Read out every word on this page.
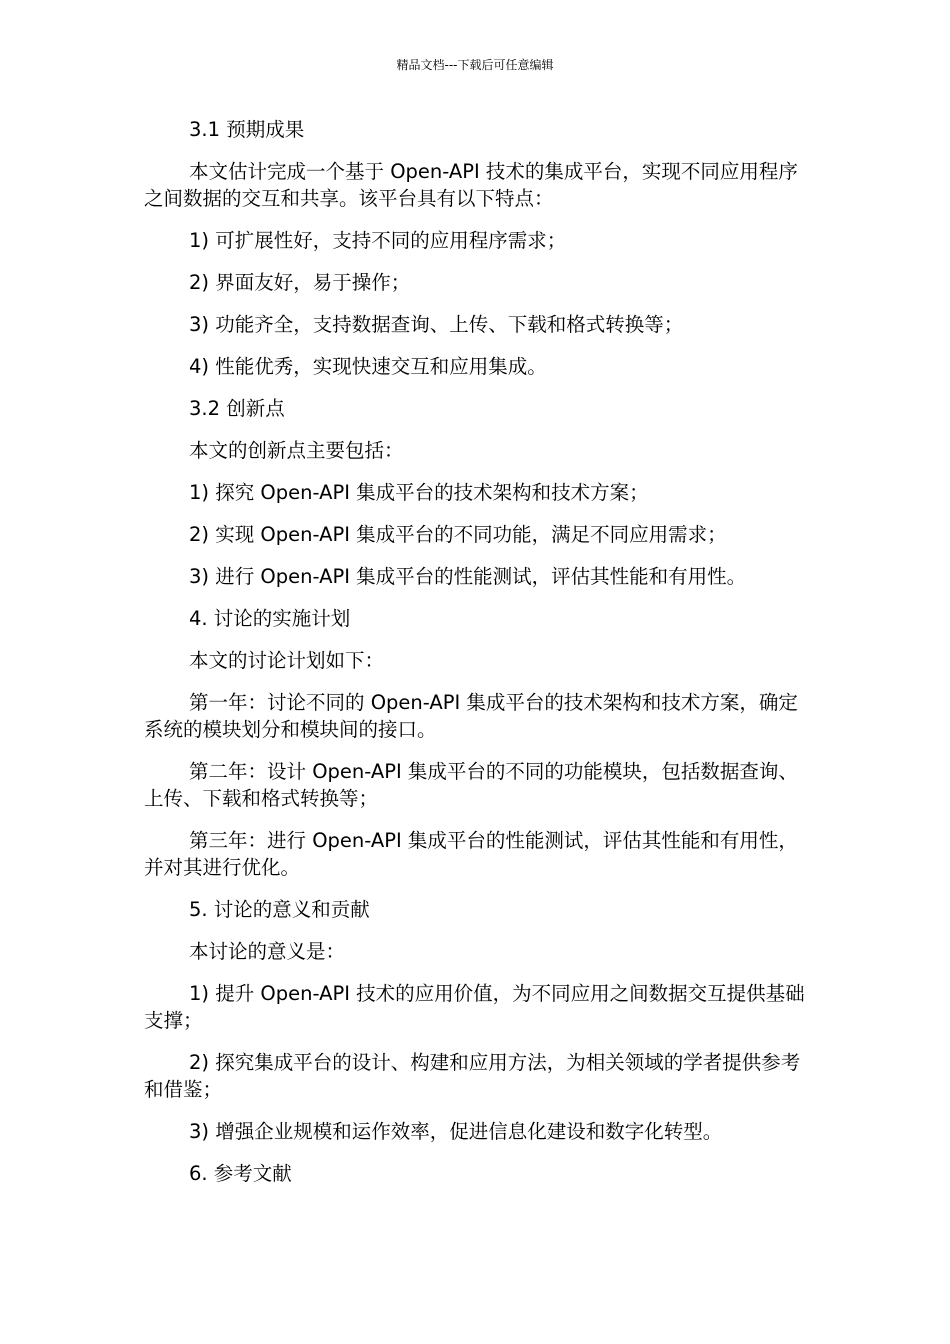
精品文档---下载后可任意编辑

3.1 预期成果

本文估计完成一个基于 Open-API 技术的集成平台，实现不同应用程序之间数据的交互和共享。该平台具有以下特点：

1) 可扩展性好，支持不同的应用程序需求；

2) 界面友好，易于操作；

3) 功能齐全，支持数据查询、上传、下载和格式转换等；

4) 性能优秀，实现快速交互和应用集成。

3.2 创新点

本文的创新点主要包括：

1) 探究 Open-API 集成平台的技术架构和技术方案；

2) 实现 Open-API 集成平台的不同功能，满足不同应用需求；

3) 进行 Open-API 集成平台的性能测试，评估其性能和有用性。

4. 讨论的实施计划

本文的讨论计划如下：

第一年：讨论不同的 Open-API 集成平台的技术架构和技术方案，确定系统的模块划分和模块间的接口。

第二年：设计 Open-API 集成平台的不同的功能模块，包括数据查询、上传、下载和格式转换等；

第三年：进行 Open-API 集成平台的性能测试，评估其性能和有用性，并对其进行优化。

5. 讨论的意义和贡献

本讨论的意义是：

1) 提升 Open-API 技术的应用价值，为不同应用之间数据交互提供基础支撑；

2) 探究集成平台的设计、构建和应用方法，为相关领域的学者提供参考和借鉴；

3) 增强企业规模和运作效率，促进信息化建设和数字化转型。

6. 参考文献
